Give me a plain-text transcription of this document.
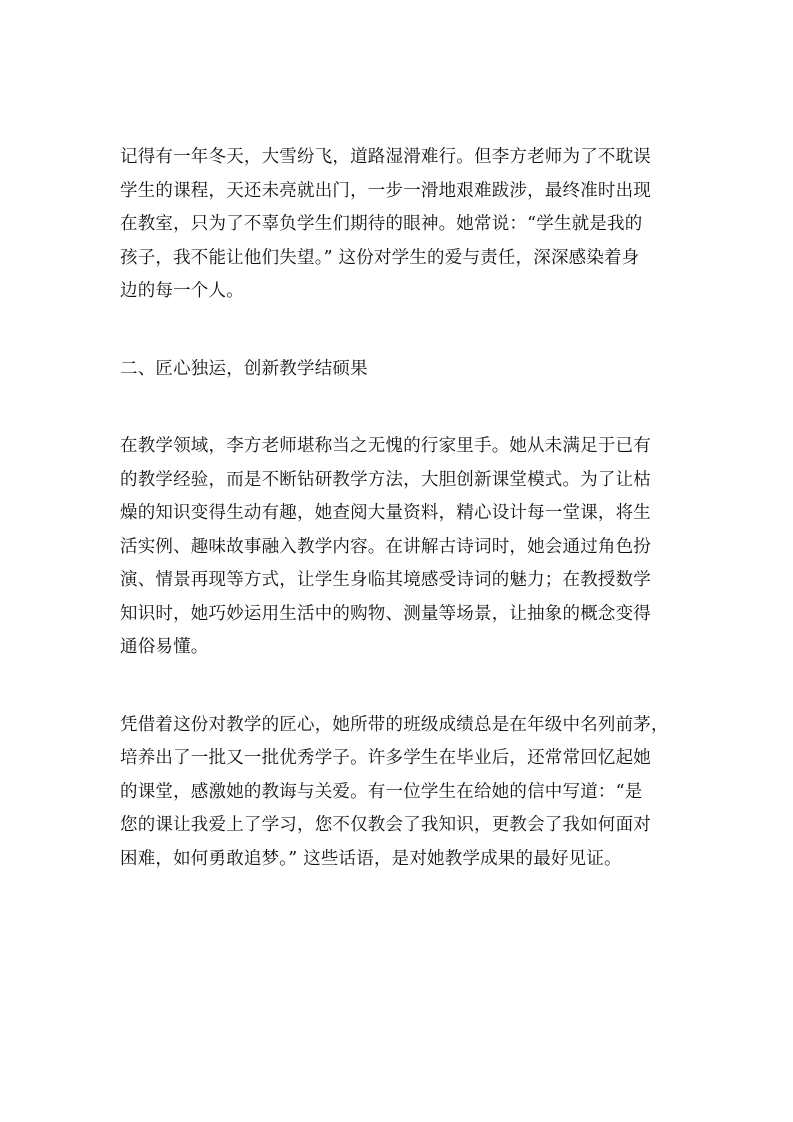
记得有一年冬天，大雪纷飞，道路湿滑难行。但李方老师为了不耽误
学生的课程，天还未亮就出门，一步一滑地艰难跋涉，最终准时出现
在教室，只为了不辜负学生们期待的眼神。她常说：“学生就是我的
孩子，我不能让他们失望。” 这份对学生的爱与责任，深深感染着身
边的每一个人。
二、匠心独运，创新教学结硕果
在教学领域，李方老师堪称当之无愧的行家里手。她从未满足于已有
的教学经验，而是不断钻研教学方法，大胆创新课堂模式。为了让枯
燥的知识变得生动有趣，她查阅大量资料，精心设计每一堂课，将生
活实例、趣味故事融入教学内容。在讲解古诗词时，她会通过角色扮
演、情景再现等方式，让学生身临其境感受诗词的魅力；在教授数学
知识时，她巧妙运用生活中的购物、测量等场景，让抽象的概念变得
通俗易懂。
凭借着这份对教学的匠心，她所带的班级成绩总是在年级中名列前茅，
培养出了一批又一批优秀学子。许多学生在毕业后，还常常回忆起她
的课堂，感激她的教诲与关爱。有一位学生在给她的信中写道：“是
您的课让我爱上了学习，您不仅教会了我知识，更教会了我如何面对
困难，如何勇敢追梦。” 这些话语，是对她教学成果的最好见证。
